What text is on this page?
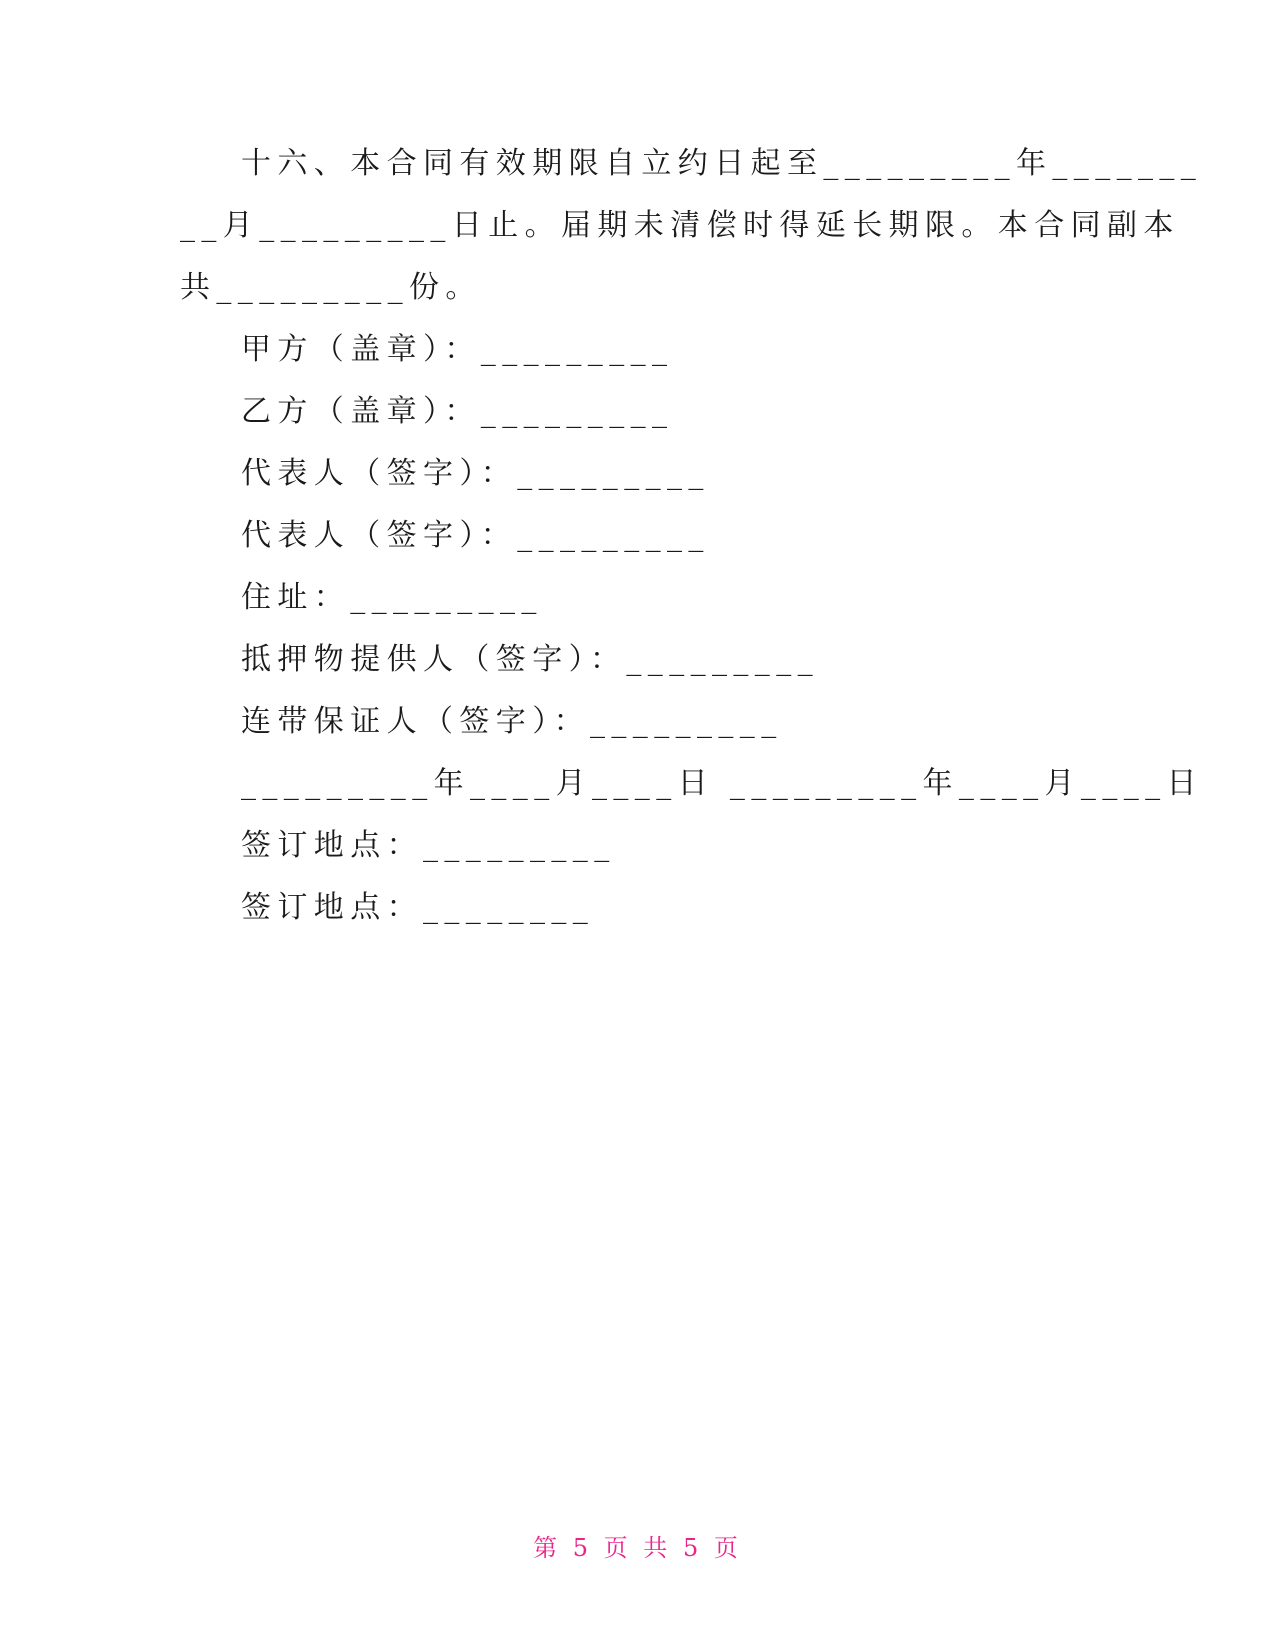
十六、本合同有效期限自立约日起至_________年_______
__月_________日止。届期未清偿时得延长期限。本合同副本
共_________份。
甲方（盖章）：_________
乙方（盖章）：_________
代表人（签字）：_________
代表人（签字）：_________
住址：_________
抵押物提供人（签字）：_________
连带保证人（签字）：_________
_________年____月____日 _________年____月____日
签订地点：_________
签订地点：________
第 5 页 共 5 页
